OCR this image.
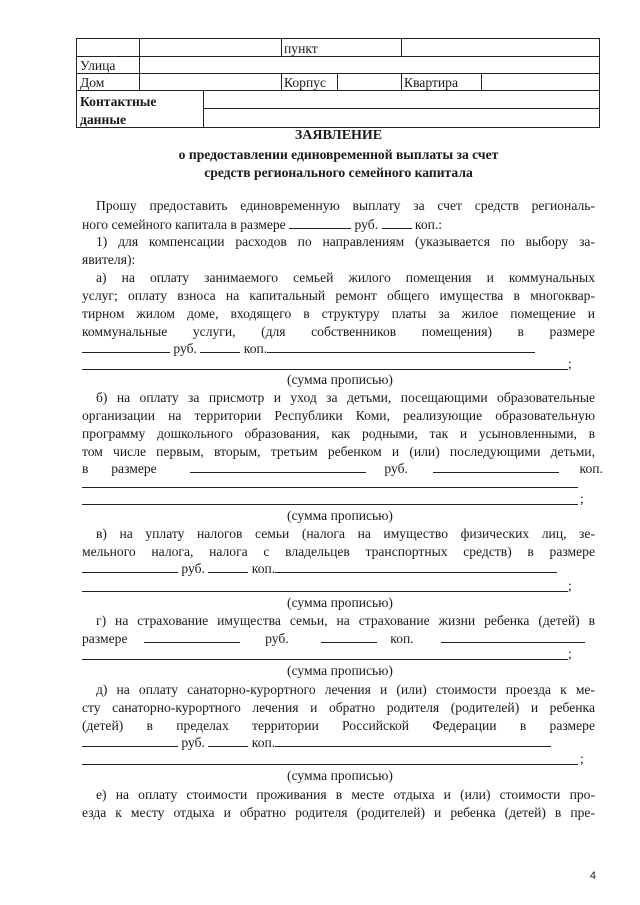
пункт
Улица
Дом	Корпус	Квартира
Контактные
данные
ЗАЯВЛЕНИЕ
о предоставлении единовременной выплаты за счет
средств регионального семейного капитала
Прошу предоставить единовременную выплату за счет средств региональ-
ного семейного капитала в размере	руб.	коп.:
1) для компенсации расходов по направлениям (указывается по выбору за-
явителя):
а) на оплату занимаемого семьей жилого помещения и коммунальных
услуг; оплату взноса на капитальный ремонт общего имущества в многоквар-
тирном жилом доме, входящего в структуру платы за жилое помещение и
коммунальные услуги, (для собственников помещения) в размере
руб.	коп.
;
(сумма прописью)
б) на оплату за присмотр и уход за детьми, посещающими образовательные
организации на территории Республики Коми, реализующие образовательную
программу дошкольного образования, как родными, так и усыновленными, в
том числе первым, вторым, третьим ребенком и (или) последующими детьми,
в размере	руб.	коп.
;
(сумма прописью)
в) на уплату налогов семьи (налога на имущество физических лиц, зе-
мельного налога, налога с владельцев транспортных средств) в размере
руб.	коп.
;
(сумма прописью)
г) на страхование имущества семьи, на страхование жизни ребенка (детей) в
размере	руб.	коп.
;
(сумма прописью)
д) на оплату санаторно-курортного лечения и (или) стоимости проезда к ме-
сту санаторно-курортного лечения и обратно родителя (родителей) и ребенка
(детей) в пределах территории Российской Федерации в размере
руб.	коп.
;
(сумма прописью)
е) на оплату стоимости проживания в месте отдыха и (или) стоимости про-
езда к месту отдыха и обратно родителя (родителей) и ребенка (детей) в пре-
4
